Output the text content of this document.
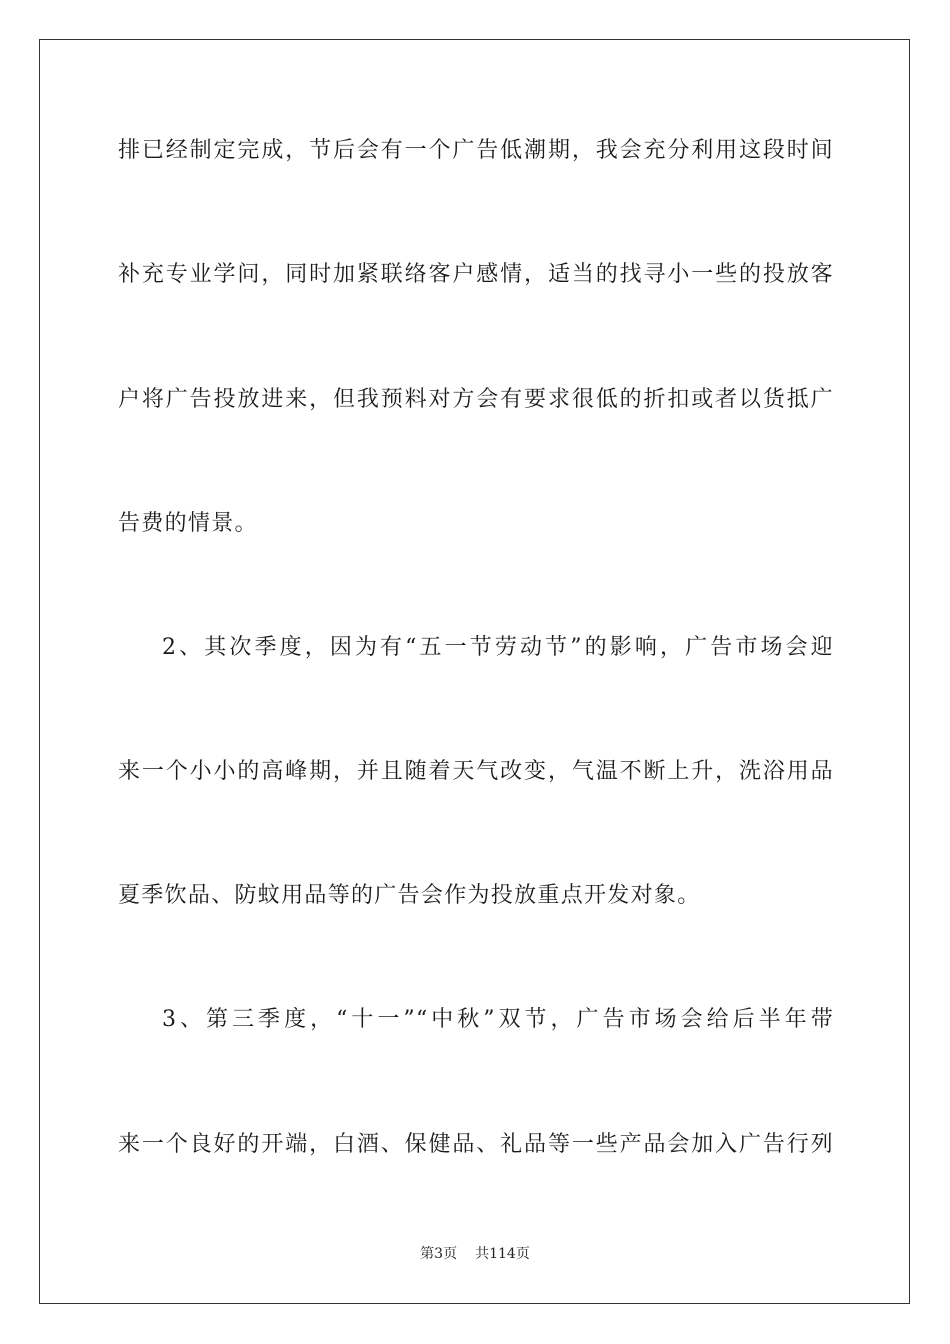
排已经制定完成，节后会有一个广告低潮期，我会充分利用这段时间
补充专业学问，同时加紧联络客户感情，适当的找寻小一些的投放客
户将广告投放进来，但我预料对方会有要求很低的折扣或者以货抵广
告费的情景。
2、其次季度，因为有“五一节劳动节”的影响，广告市场会迎
来一个小小的高峰期，并且随着天气改变，气温不断上升，洗浴用品
夏季饮品、防蚊用品等的广告会作为投放重点开发对象。
3、第三季度，“十一”“中秋”双节，广告市场会给后半年带
来一个良好的开端，白酒、保健品、礼品等一些产品会加入广告行列
第3页 共114页
